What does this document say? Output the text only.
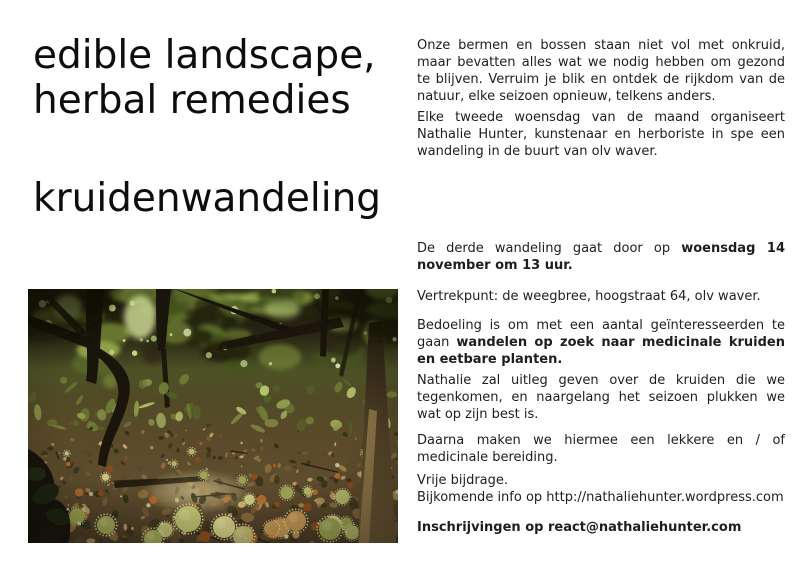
edible landscape,
herbal remedies
kruidenwandeling

Onze bermen en bossen staan niet vol met onkruid, maar bevatten alles wat we nodig hebben om gezond te blijven. Verruim je blik en ontdek de rijkdom van de natuur, elke seizoen opnieuw, telkens anders.

Elke tweede woensdag van de maand organiseert Nathalie Hunter, kunstenaar en herboriste in spe een wandeling in de buurt van olv waver.

De derde wandeling gaat door op woensdag 14 november om 13 uur.

Vertrekpunt: de weegbree, hoogstraat 64, olv waver.

Bedoeling is om met een aantal geïnteresseerden te gaan wandelen op zoek naar medicinale kruiden en eetbare planten.

Nathalie zal uitleg geven over de kruiden die we tegenkomen, en naargelang het seizoen plukken we wat op zijn best is.

Daarna maken we hiermee een lekkere en / of medicinale bereiding.

Vrije bijdrage.
Bijkomende info op http://nathaliehunter.wordpress.com

Inschrijvingen op react@nathaliehunter.com
